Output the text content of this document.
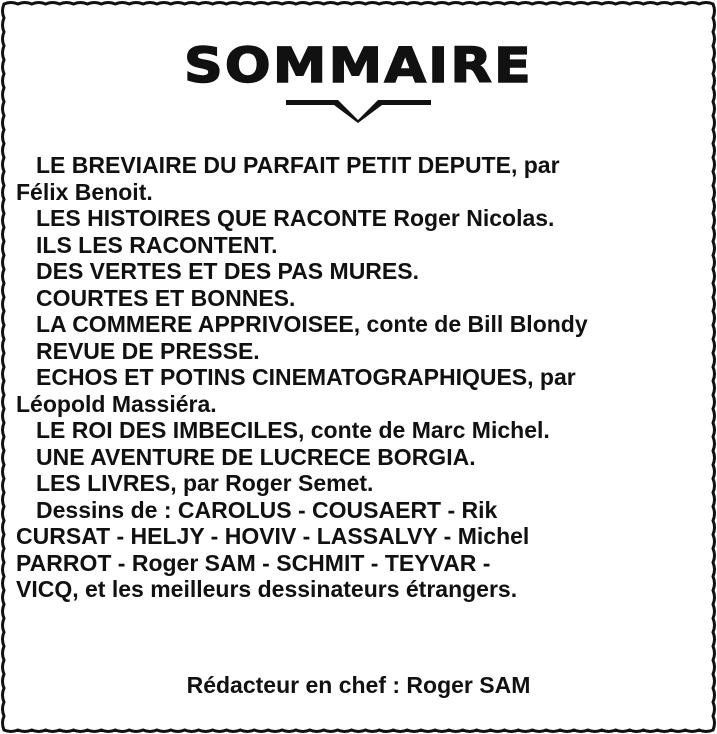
SOMMAIRE
LE BREVIAIRE DU PARFAIT PETIT DEPUTE, par
Félix Benoit.
LES HISTOIRES QUE RACONTE Roger Nicolas.
ILS LES RACONTENT.
DES VERTES ET DES PAS MURES.
COURTES ET BONNES.
LA COMMERE APPRIVOISEE, conte de Bill Blondy
REVUE DE PRESSE.
ECHOS ET POTINS CINEMATOGRAPHIQUES, par
Léopold Massiéra.
LE ROI DES IMBECILES, conte de Marc Michel.
UNE AVENTURE DE LUCRECE BORGIA.
LES LIVRES, par Roger Semet.
Dessins de : CAROLUS - COUSAERT - Rik
CURSAT - HELJY - HOVIV - LASSALVY - Michel
PARROT - Roger SAM - SCHMIT - TEYVAR -
VICQ, et les meilleurs dessinateurs étrangers.
Rédacteur en chef : Roger SAM
